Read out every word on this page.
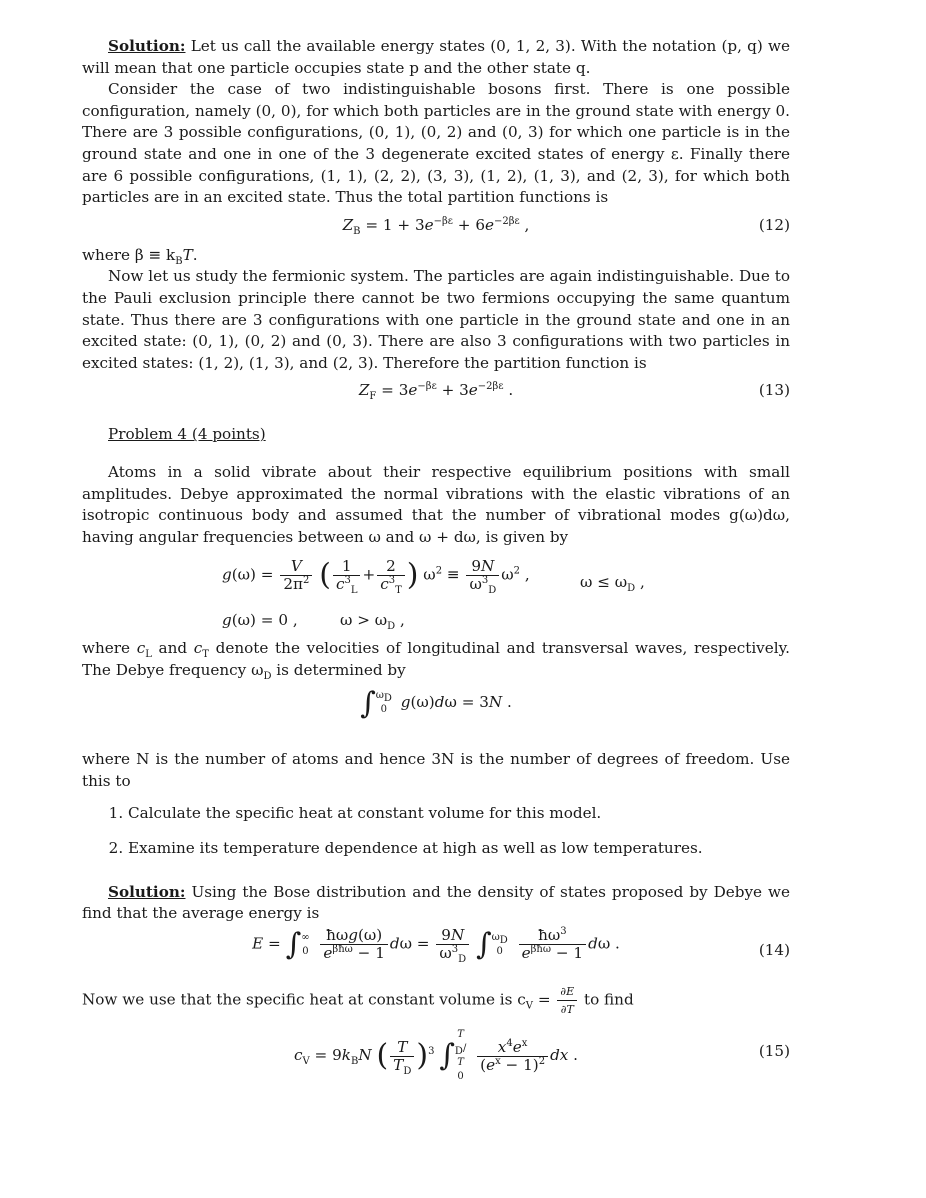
Solution: Let us call the available energy states (0, 1, 2, 3). With the notation (p, q) we will mean that one particle occupies state p and the other state q.

Consider the case of two indistinguishable bosons first. There is one possible configuration, namely (0, 0), for which both particles are in the ground state with energy 0. There are 3 possible configurations, (0, 1), (0, 2) and (0, 3) for which one particle is in the ground state and one in one of the 3 degenerate excited states of energy ε. Finally there are 6 possible configurations, (1, 1), (2, 2), (3, 3), (1, 2), (1, 3), and (2, 3), for which both particles are in an excited state. Thus the total partition functions is

$Z_B = 1 + 3e^{-\beta\varepsilon} + 6e^{-2\beta\varepsilon}$ ,	(12)

where $\beta \equiv k_BT$.

Now let us study the fermionic system. The particles are again indistinguishable. Due to the Pauli exclusion principle there cannot be two fermions occupying the same quantum state. Thus there are 3 configurations with one particle in the ground state and one in an excited state: (0, 1), (0, 2) and (0, 3). There are also 3 configurations with two particles in excited states: (1, 2), (1, 3), and (2, 3). Therefore the partition function is

$Z_F = 3e^{-\beta\varepsilon} + 3e^{-2\beta\varepsilon}$ .	(13)

Problem 4 (4 points)

Atoms in a solid vibrate about their respective equilibrium positions with small amplitudes. Debye approximated the normal vibrations with the elastic vibrations of an isotropic continuous body and assumed that the number of vibrational modes g(ω)dω, having angular frequencies between ω and ω + dω, is given by

$g(\omega) = \frac{V}{2\pi^2}$ ( $\frac{1}{c^3_L} + \frac{2}{c^3_T}$ ) $\omega^2 \equiv \frac{9N}{\omega^3_D} \omega^2$ ,	$\omega \le \omega_D$ ,
g(ω) = 0 ,	$\omega > \omega_D$ ,

where $c_L$ and $c_T$ denote the velocities of longitudinal and transversal waves, respectively. The Debye frequency $\omega_D$ is determined by

∫ $\omega_D$
0 g(ω)dω = 3N .

where N is the number of atoms and hence 3N is the number of degrees of freedom. Use this to

1. Calculate the specific heat at constant volume for this model.
2. Examine its temperature dependence at high as well as low temperatures.

Solution: Using the Bose distribution and the density of states proposed by Debye we find that the average energy is

E = ∫ ∞
0
$\frac{\text{ħωg(ω)}}{e^{\beta ħ\omega} - 1}$ $d\omega = \frac{9N}{\omega^3_D}$ ∫ $\omega_D$
0
	$\frac{ħ\omega^3}{e^{\beta ħ\omega} - 1}$ dω .	(14)

Now we use that the specific heat at constant volume is $c_V = \frac{\partial E}{\partial T}$ to find

$c_V = 9k_BN$ ( $\frac{T}{T_D} )^3$ ∫
T
$_D$/
T
0

$\frac{x^4e^x}{(e^x - 1)^2}$ dx .	(15)
